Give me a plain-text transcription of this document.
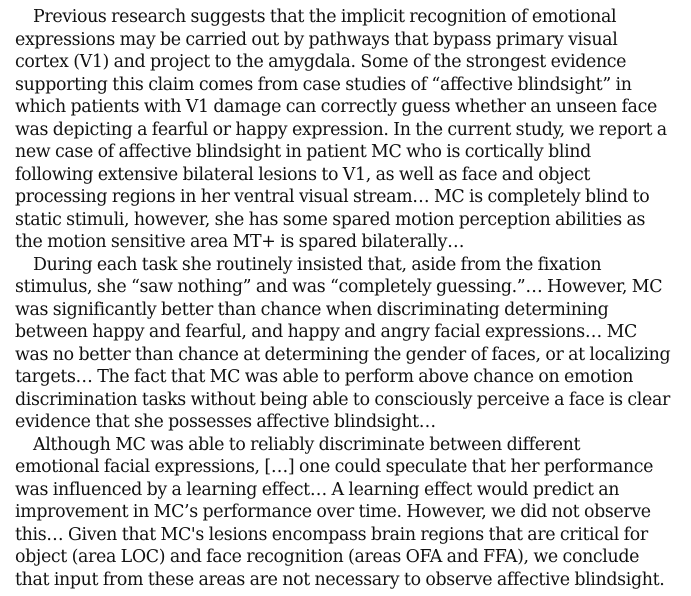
Previous research suggests that the implicit recognition of emotional
expressions may be carried out by pathways that bypass primary visual
cortex (V1) and project to the amygdala. Some of the strongest evidence
supporting this claim comes from case studies of “affective blindsight” in
which patients with V1 damage can correctly guess whether an unseen face
was depicting a fearful or happy expression. In the current study, we report a
new case of affective blindsight in patient MC who is cortically blind
following extensive bilateral lesions to V1, as well as face and object
processing regions in her ventral visual stream… MC is completely blind to
static stimuli, however, she has some spared motion perception abilities as
the motion sensitive area MT+ is spared bilaterally…
During each task she routinely insisted that, aside from the fixation
stimulus, she “saw nothing” and was “completely guessing.”… However, MC
was significantly better than chance when discriminating determining
between happy and fearful, and happy and angry facial expressions… MC
was no better than chance at determining the gender of faces, or at localizing
targets… The fact that MC was able to perform above chance on emotion
discrimination tasks without being able to consciously perceive a face is clear
evidence that she possesses affective blindsight…
Although MC was able to reliably discriminate between different
emotional facial expressions, […] one could speculate that her performance
was influenced by a learning effect… A learning effect would predict an
improvement in MC’s performance over time. However, we did not observe
this… Given that MC's lesions encompass brain regions that are critical for
object (area LOC) and face recognition (areas OFA and FFA), we conclude
that input from these areas are not necessary to observe affective blindsight.
